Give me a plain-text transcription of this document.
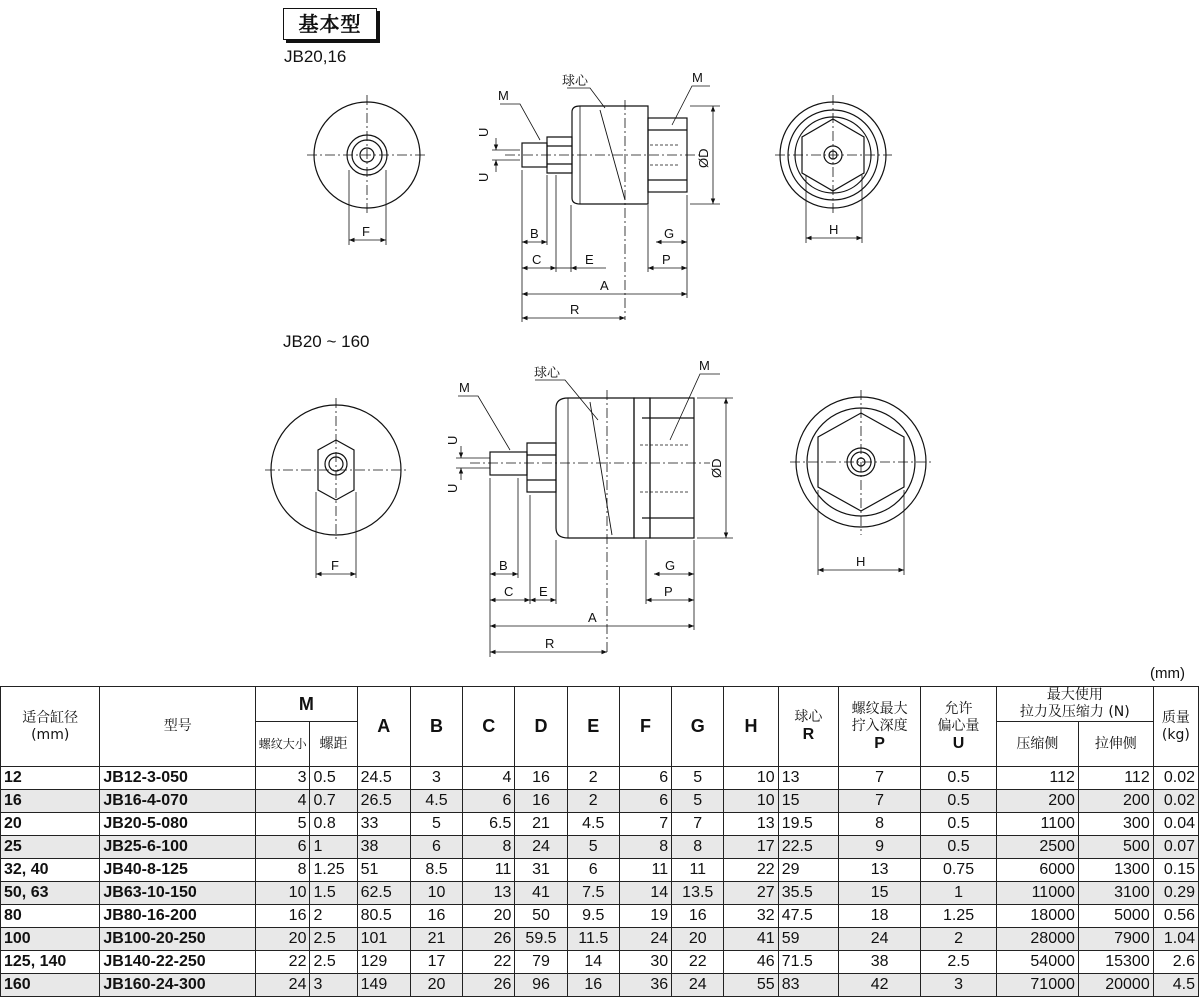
基本型
JB20,16
JB20 ~ 160
M
球心	M
U
U
ØD
F	H
B
C	E
G
P
A
R
M
球心	M
U
U
ØD
F	H
B
C E
G
P
A
R
(mm)
适合缸径
(mm)	型号	M		A	B	C	D	E	F	G	H	球心
R	螺纹最大
拧入深度
P	允许
偏心量
U	最大使用
拉力及压缩力 (N)		质量
(kg)
		螺纹大小	螺距												压缩侧	拉伸侧	
12	JB12-3-050	3	0.5	24.5	3	4	16	2	6	5	10	13	7	0.5	112	112	0.02
16	JB16-4-070	4	0.7	26.5	4.5	6	16	2	6	5	10	15	7	0.5	200	200	0.02
20	JB20-5-080	5	0.8	33	5	6.5	21	4.5	7	7	13	19.5	8	0.5	1100	300	0.04
25	JB25-6-100	6	1	38	6	8	24	5	8	8	17	22.5	9	0.5	2500	500	0.07
32, 40	JB40-8-125	8	1.25	51	8.5	11	31	6	11	11	22	29	13	0.75	6000	1300	0.15
50, 63	JB63-10-150	10	1.5	62.5	10	13	41	7.5	14	13.5	27	35.5	15	1	11000	3100	0.29
80	JB80-16-200	16	2	80.5	16	20	50	9.5	19	16	32	47.5	18	1.25	18000	5000	0.56
100	JB100-20-250	20	2.5	101	21	26	59.5	11.5	24	20	41	59	24	2	28000	7900	1.04
125, 140	JB140-22-250	22	2.5	129	17	22	79	14	30	22	46	71.5	38	2.5	54000	15300	2.6
160	JB160-24-300	24	3	149	20	26	96	16	36	24	55	83	42	3	71000	20000	4.5
